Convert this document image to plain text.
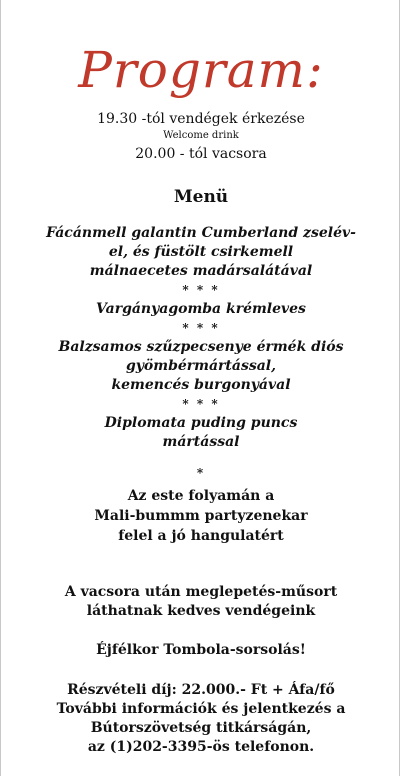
Program:
19.30 -tól vendégek érkezése
Welcome drink
20.00 - tól vacsora
Menü
Fácánmell galantin Cumberland zselév-
el, és füstölt csirkemell
málnaecetes madársalátával
* * *
Vargányagomba krémleves
* * *
Balzsamos szűzpecsenye érmék diós
gyömbérmártással,
kemencés burgonyával
* * *
Diplomata puding puncs
mártással
*
Az este folyamán a
Mali-bummm partyzenekar
felel a jó hangulatért
A vacsora után meglepetés-műsort
láthatnak kedves vendégeink
Éjfélkor Tombola-sorsolás!
Részvételi díj: 22.000.- Ft + Áfa/fő
További információk és jelentkezés a
Bútorszövetség titkárságán,
az (1)202-3395-ös telefonon.
